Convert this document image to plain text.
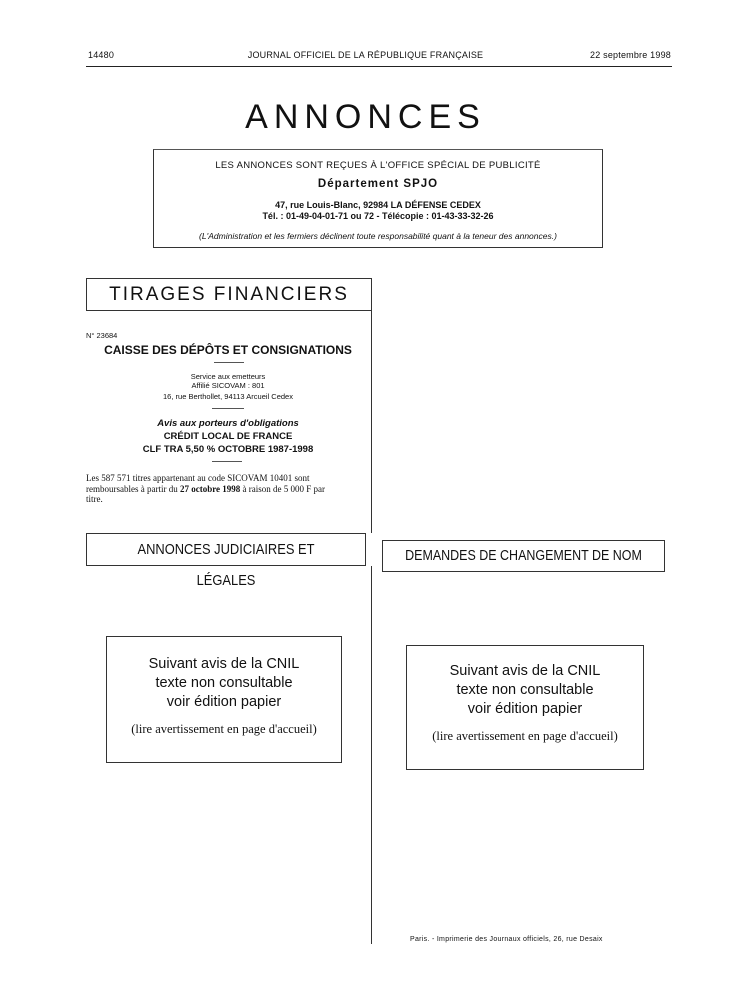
14480	JOURNAL OFFICIEL DE LA RÉPUBLIQUE FRANÇAISE	22 septembre 1998
ANNONCES
LES ANNONCES SONT REÇUES À L'OFFICE SPÉCIAL DE PUBLICITÉ
Département SPJO
47, rue Louis-Blanc, 92984 LA DÉFENSE CEDEX
Tél. : 01-49-04-01-71 ou 72 - Télécopie : 01-43-33-32-26
(L'Administration et les fermiers déclinent toute responsabilité quant à la teneur des annonces.)
TIRAGES FINANCIERS
N° 23684
CAISSE DES DÉPÔTS ET CONSIGNATIONS
Service aux emetteurs
Affilié SICOVAM : 801
16, rue Berthollet, 94113 Arcueil Cedex
Avis aux porteurs d'obligations
CRÉDIT LOCAL DE FRANCE
CLF TRA 5,50 % OCTOBRE 1987-1998
Les 587 571 titres appartenant au code SICOVAM 10401 sont
remboursables à partir du 27 octobre 1998 à raison de 5 000 F par
titre.
ANNONCES JUDICIAIRES ET LÉGALES
DEMANDES DE CHANGEMENT DE NOM
Suivant avis de la CNIL
texte non consultable
voir édition papier
(lire avertissement en page d'accueil)
Suivant avis de la CNIL
texte non consultable
voir édition papier
(lire avertissement en page d'accueil)
Paris. - Imprimerie des Journaux officiels, 26, rue Desaix
